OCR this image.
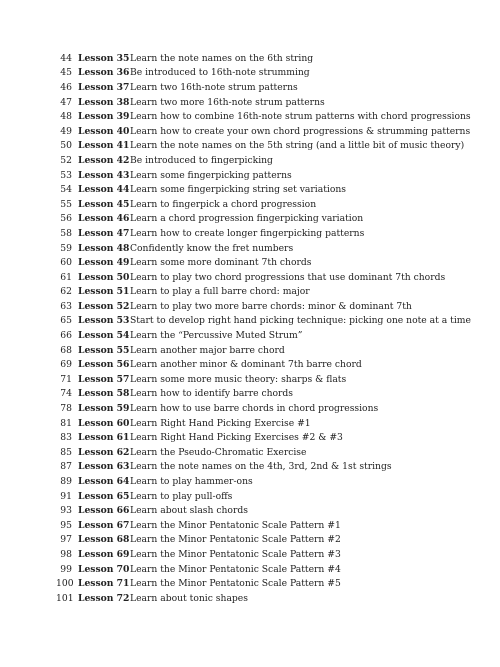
44 Lesson 35 Learn the note names on the 6th string
45 Lesson 36 Be introduced to 16th-note strumming
46 Lesson 37 Learn two 16th-note strum patterns
47 Lesson 38 Learn two more 16th-note strum patterns
48 Lesson 39 Learn how to combine 16th-note strum patterns with chord progressions
49 Lesson 40 Learn how to create your own chord progressions & strumming patterns
50 Lesson 41 Learn the note names on the 5th string (and a little bit of music theory)
52 Lesson 42 Be introduced to fingerpicking
53 Lesson 43 Learn some fingerpicking patterns
54 Lesson 44 Learn some fingerpicking string set variations
55 Lesson 45 Learn to fingerpick a chord progression
56 Lesson 46 Learn a chord progression fingerpicking variation
58 Lesson 47 Learn how to create longer fingerpicking patterns
59 Lesson 48 Confidently know the fret numbers
60 Lesson 49 Learn some more dominant 7th chords
61 Lesson 50 Learn to play two chord progressions that use dominant 7th chords
62 Lesson 51 Learn to play a full barre chord: major
63 Lesson 52 Learn to play two more barre chords: minor & dominant 7th
65 Lesson 53 Start to develop right hand picking technique: picking one note at a time
66 Lesson 54 Learn the “Percussive Muted Strum”
68 Lesson 55 Learn another major barre chord
69 Lesson 56 Learn another minor & dominant 7th barre chord
71 Lesson 57 Learn some more music theory: sharps & flats
74 Lesson 58 Learn how to identify barre chords
78 Lesson 59 Learn how to use barre chords in chord progressions
81 Lesson 60 Learn Right Hand Picking Exercise #1
83 Lesson 61 Learn Right Hand Picking Exercises #2 & #3
85 Lesson 62 Learn the Pseudo-Chromatic Exercise
87 Lesson 63 Learn the note names on the 4th, 3rd, 2nd & 1st strings
89 Lesson 64 Learn to play hammer-ons
91 Lesson 65 Learn to play pull-offs
93 Lesson 66 Learn about slash chords
95 Lesson 67 Learn the Minor Pentatonic Scale Pattern #1
97 Lesson 68 Learn the Minor Pentatonic Scale Pattern #2
98 Lesson 69 Learn the Minor Pentatonic Scale Pattern #3
99 Lesson 70 Learn the Minor Pentatonic Scale Pattern #4
100 Lesson 71 Learn the Minor Pentatonic Scale Pattern #5
101 Lesson 72 Learn about tonic shapes
